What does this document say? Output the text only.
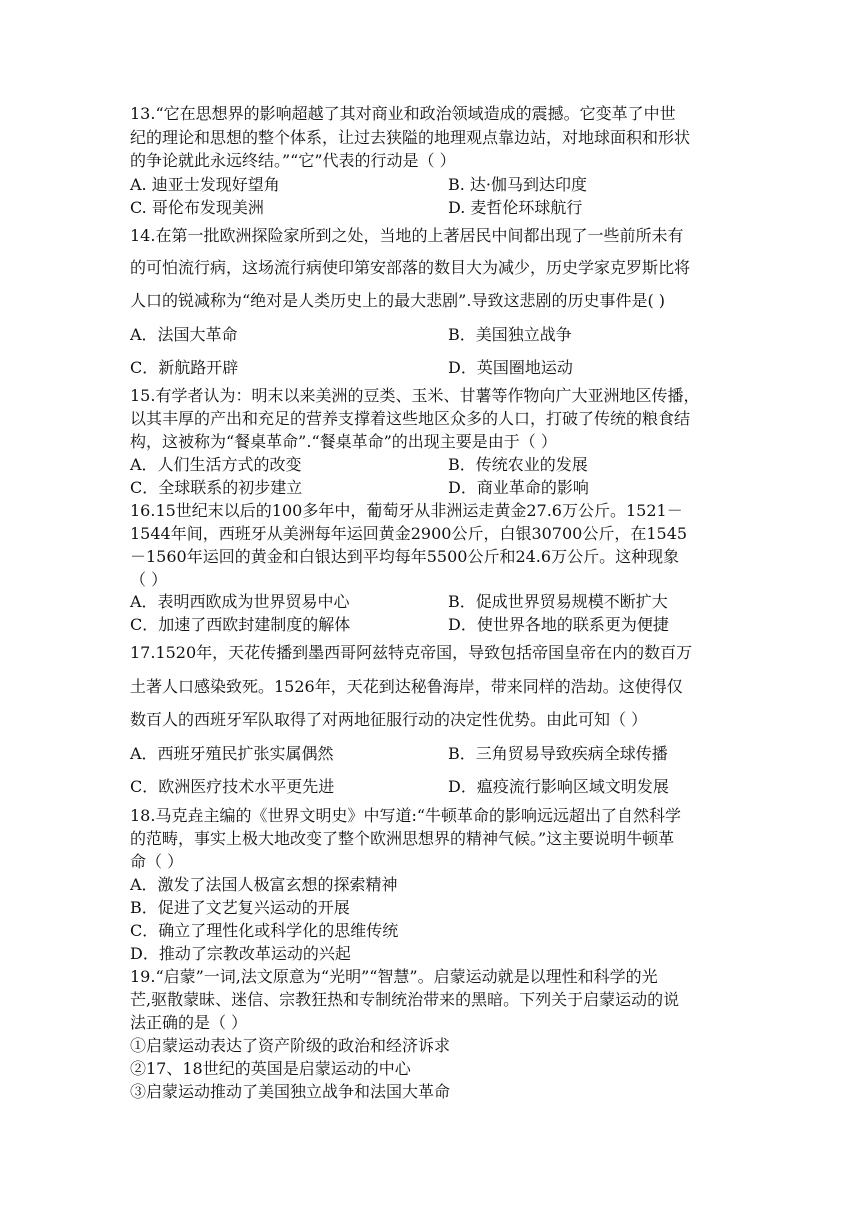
13.“它在思想界的影响超越了其对商业和政治领域造成的震撼。它变革了中世
纪的理论和思想的整个体系，让过去狭隘的地理观点靠边站，对地球面积和形状
的争论就此永远终结。”“它”代表的行动是（ ）
A. 迪亚士发现好望角	B. 达·伽马到达印度
C. 哥伦布发现美洲	D. 麦哲伦环球航行
14.在第一批欧洲探险家所到之处，当地的上著居民中间都出现了一些前所未有
的可怕流行病，这场流行病使印第安部落的数目大为减少，历史学家克罗斯比将
人口的锐减称为“绝对是人类历史上的最大悲剧”.导致这悲剧的历史事件是( )
A．法国大革命	B．美国独立战争
C．新航路开辟	D．英国圈地运动
15.有学者认为：明末以来美洲的豆类、玉米、甘薯等作物向广大亚洲地区传播，
以其丰厚的产出和充足的营养支撑着这些地区众多的人口，打破了传统的粮食结
构，这被称为“餐桌革命”.“餐桌革命”的出现主要是由于（ ）
A．人们生活方式的改变	B．传统农业的发展
C．全球联系的初步建立	D．商业革命的影响
16.15世纪末以后的100多年中，葡萄牙从非洲运走黄金27.6万公斤。1521－
1544年间，西班牙从美洲每年运回黄金2900公斤，白银30700公斤，在1545
－1560年运回的黄金和白银达到平均每年5500公斤和24.6万公斤。这种现象
（ ）
A．表明西欧成为世界贸易中心	B．促成世界贸易规模不断扩大
C．加速了西欧封建制度的解体	D．使世界各地的联系更为便捷
17.1520年，天花传播到墨西哥阿兹特克帝国，导致包括帝国皇帝在内的数百万
土著人口感染致死。1526年，天花到达秘鲁海岸，带来同样的浩劫。这使得仅
数百人的西班牙军队取得了对两地征服行动的决定性优势。由此可知（ ）
A．西班牙殖民扩张实属偶然	B．三角贸易导致疾病全球传播
C．欧洲医疗技术水平更先进	D．瘟疫流行影响区域文明发展
18.马克垚主编的《世界文明史》中写道:“牛顿革命的影响远远超出了自然科学
的范畴，事实上极大地改变了整个欧洲思想界的精神气候。”这主要说明牛顿革
命（ ）
A．激发了法国人极富玄想的探索精神
B．促进了文艺复兴运动的开展
C．确立了理性化或科学化的思维传统
D．推动了宗教改革运动的兴起
19.“启蒙”一词,法文原意为“光明”“智慧”。启蒙运动就是以理性和科学的光
芒,驱散蒙昧、迷信、宗教狂热和专制统治带来的黑暗。下列关于启蒙运动的说
法正确的是（ ）
①启蒙运动表达了资产阶级的政治和经济诉求
②17、18世纪的英国是启蒙运动的中心
③启蒙运动推动了美国独立战争和法国大革命
